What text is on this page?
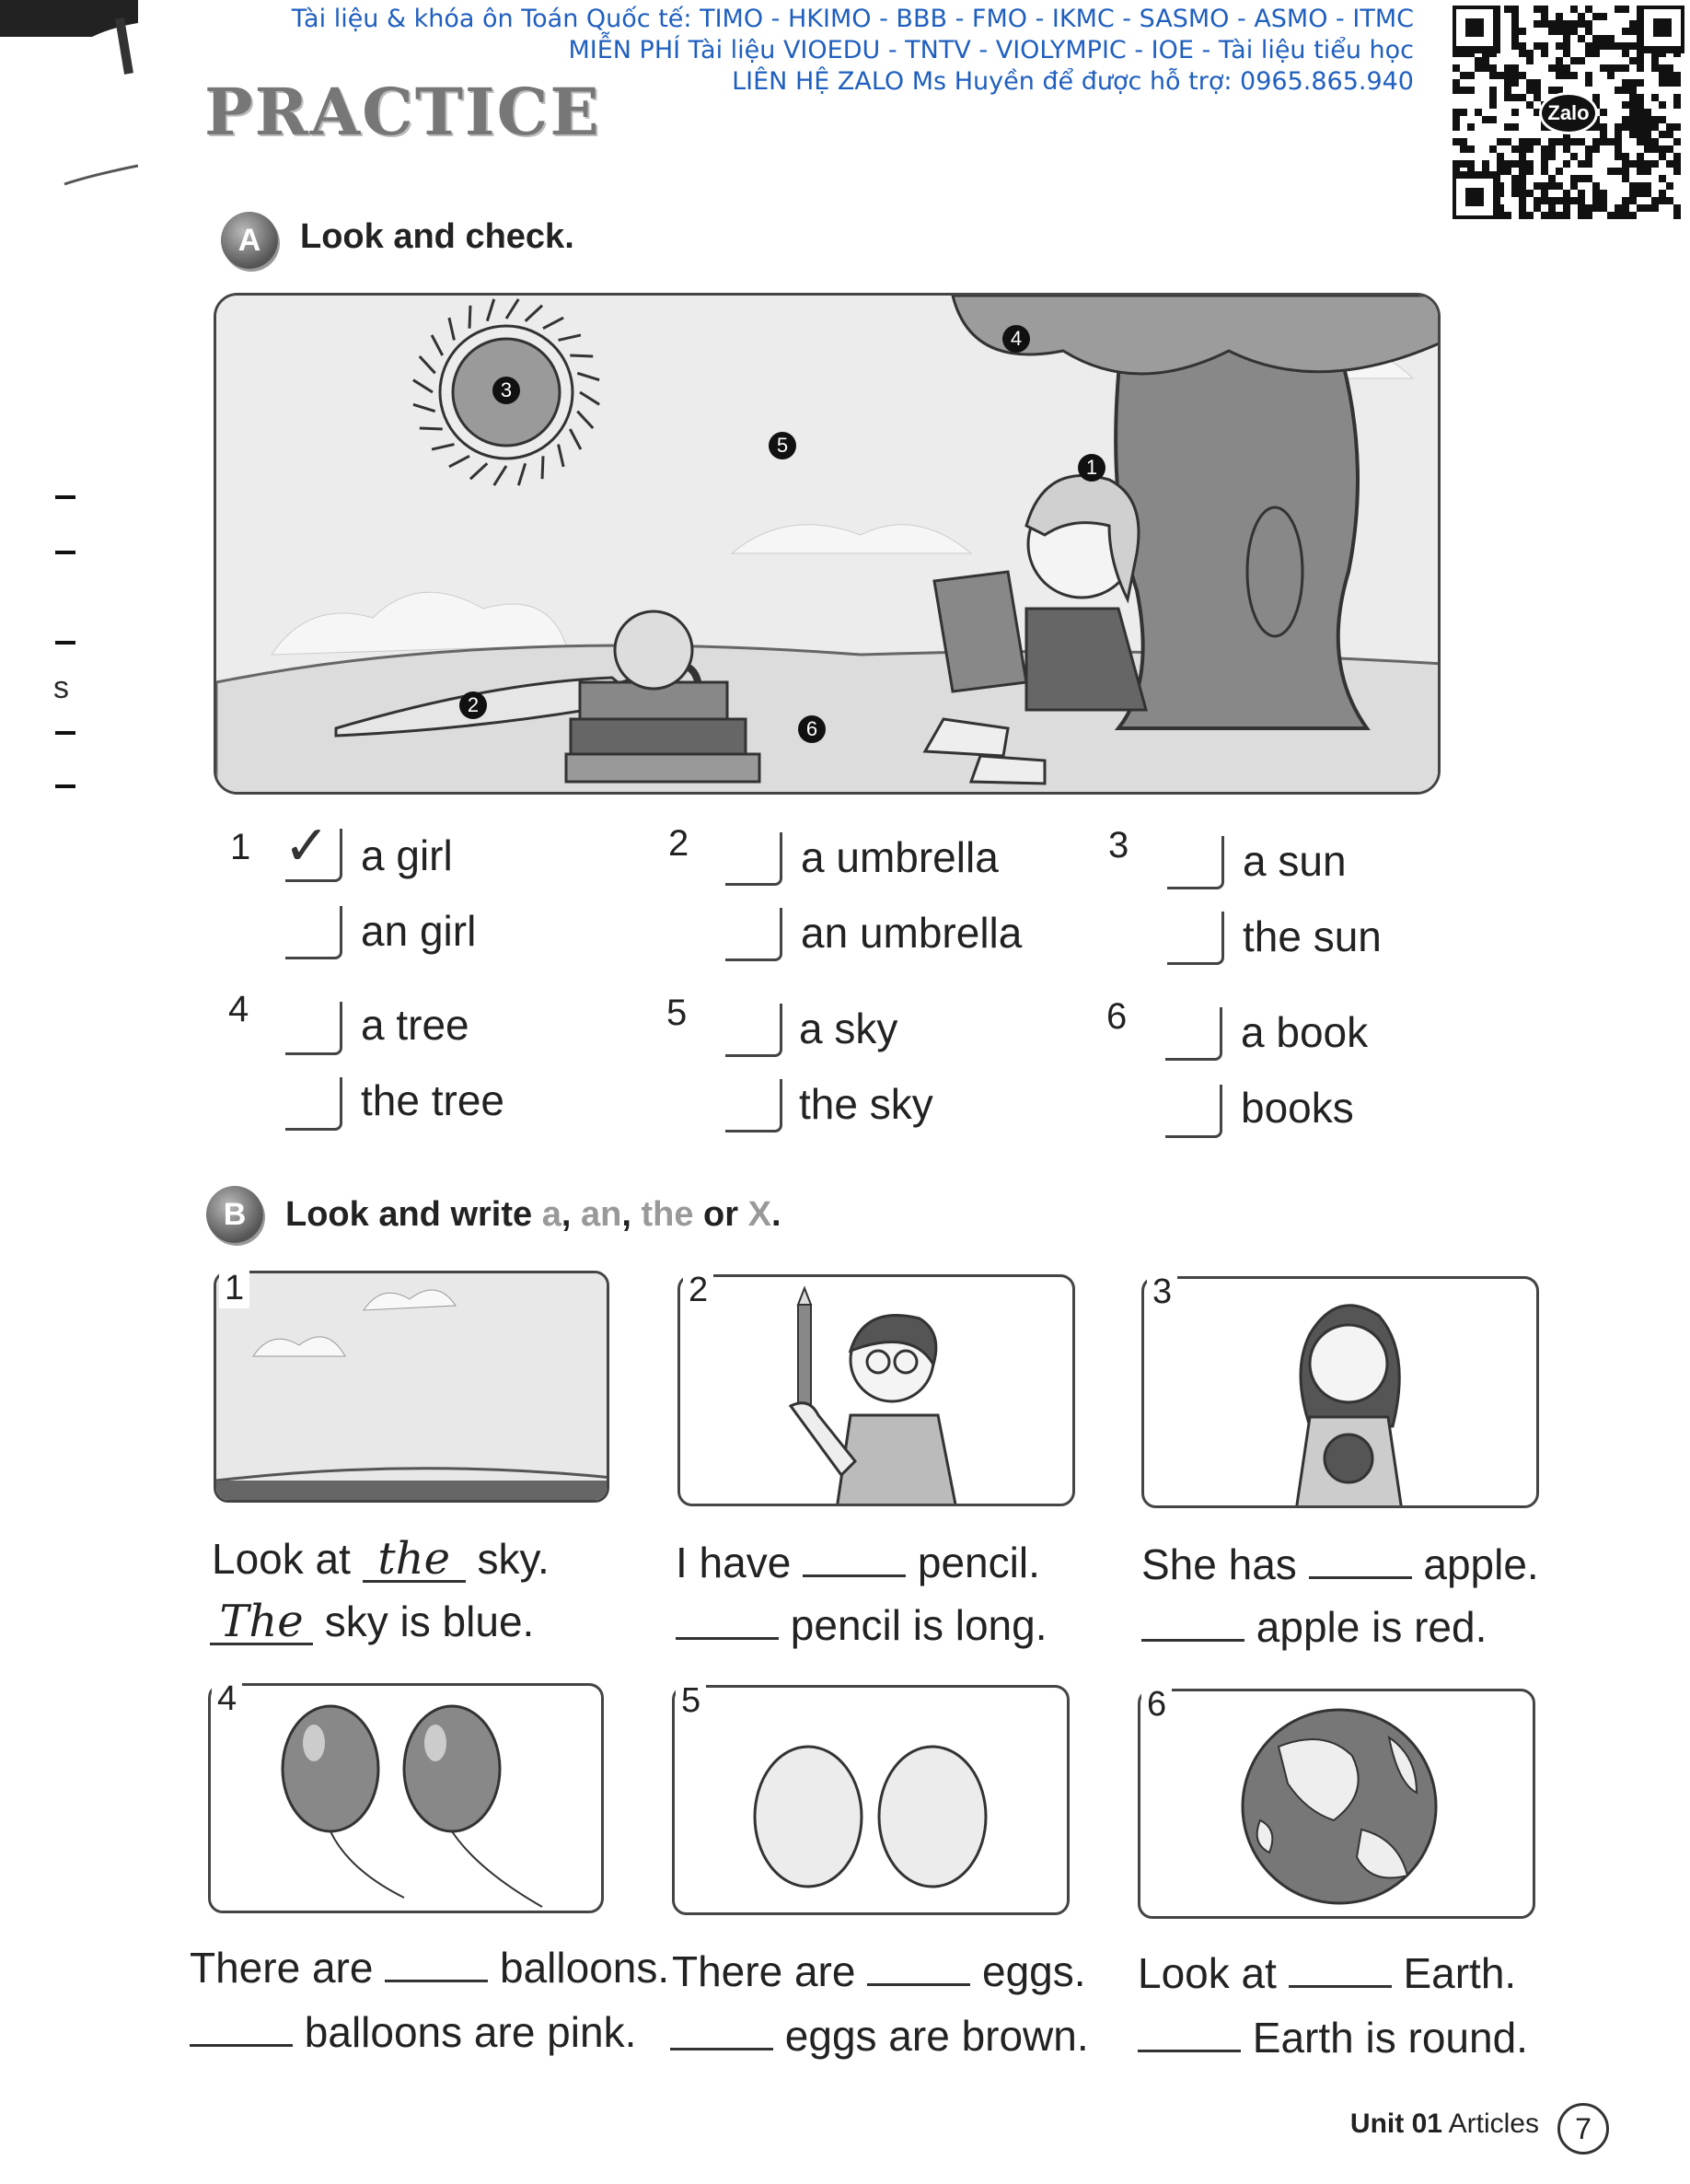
s
Tài liệu & khóa ôn Toán Quốc tế: TIMO - HKIMO - BBB - FMO - IKMC - SASMO - ASMO - ITMC
MIỄN PHÍ Tài liệu VIOEDU - TNTV - VIOLYMPIC - IOE - Tài liệu tiểu học
LIÊN HỆ ZALO Ms Huyền để được hỗ trợ: 0965.865.940
Zalo
PRACTICE
A	Look and check.
1
2
3
4
5
6
1 ✓ a girl
an girl
2	a umbrella
an umbrella
3	a sun
the sun
4	a tree
the tree
5	a sky
the sky
6	a book
books
B	Look and write a, an, the or X.
1
Look at the sky.
The sky is blue.
2
I have  pencil.
pencil is long.
3
She has  apple.
apple is red.
4
There are  balloons.
balloons are pink.
5
There are  eggs.
eggs are brown.
6
Look at  Earth.
Earth is round.
Unit 01 Articles	7
